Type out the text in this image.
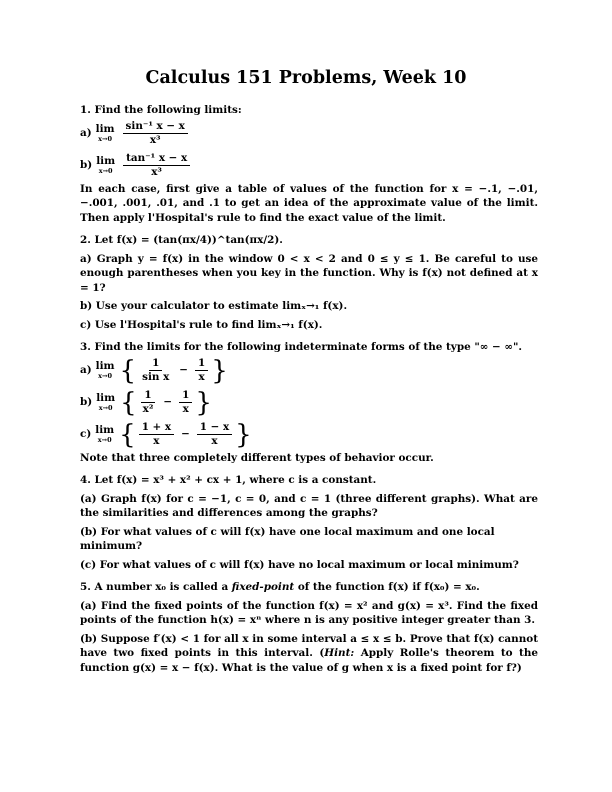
Calculus 151 Problems, Week 10

1. Find the following limits:

a) lim
$x\to 0 \frac{\text{sin⁻¹ x − x}}{\text{x³}}$
b) lim
$x\to 0 \frac{\text{tan⁻¹ x − x}}{\text{x³}}$

In each case, first give a table of values of the function for x = −.1, −.01, −.001, .001, .01, and .1 to get an idea of the approximate value of the limit. Then apply l'Hospital's rule to find the exact value of the limit.

2. Let f(x) = (tan(πx/4))^tan(πx/2).

a) Graph y = f(x) in the window 0 < x < 2 and 0 ≤ y ≤ 1. Be careful to use enough parentheses when you key in the function. Why is f(x) not defined at x = 1?

b) Use your calculator to estimate limₓ→₁ f(x).

c) Use l'Hospital's rule to find limₓ→₁ f(x).

3. Find the limits for the following indeterminate forms of the type "∞ − ∞".

a) lim
x→0 { $\frac{1}{\text{sin x}} - \frac{1}{x}$ }
b) lim
x→0 { $\frac{1}{\text{x²}} - \frac{1}{x}$ }
c) lim
x→0 { $\frac{1 + x}{x} - \frac{1 - x}{x}$ }

Note that three completely different types of behavior occur.

4. Let f(x) = x³ + x² + cx + 1, where c is a constant.

(a) Graph f(x) for c = −1, c = 0, and c = 1 (three different graphs). What are the similarities and differences among the graphs?

(b) For what values of c will f(x) have one local maximum and one local minimum?

(c) For what values of c will f(x) have no local maximum or local minimum?

5. A number x₀ is called a fixed-point of the function f(x) if f(x₀) = x₀.

(a) Find the fixed points of the function f(x) = x² and g(x) = x³. Find the fixed points of the function h(x) = xⁿ where n is any positive integer greater than 3.

(b) Suppose f′(x) < 1 for all x in some interval a ≤ x ≤ b. Prove that f(x) cannot have two fixed points in this interval. (Hint: Apply Rolle's theorem to the function g(x) = x − f(x). What is the value of g when x is a fixed point for f?)
